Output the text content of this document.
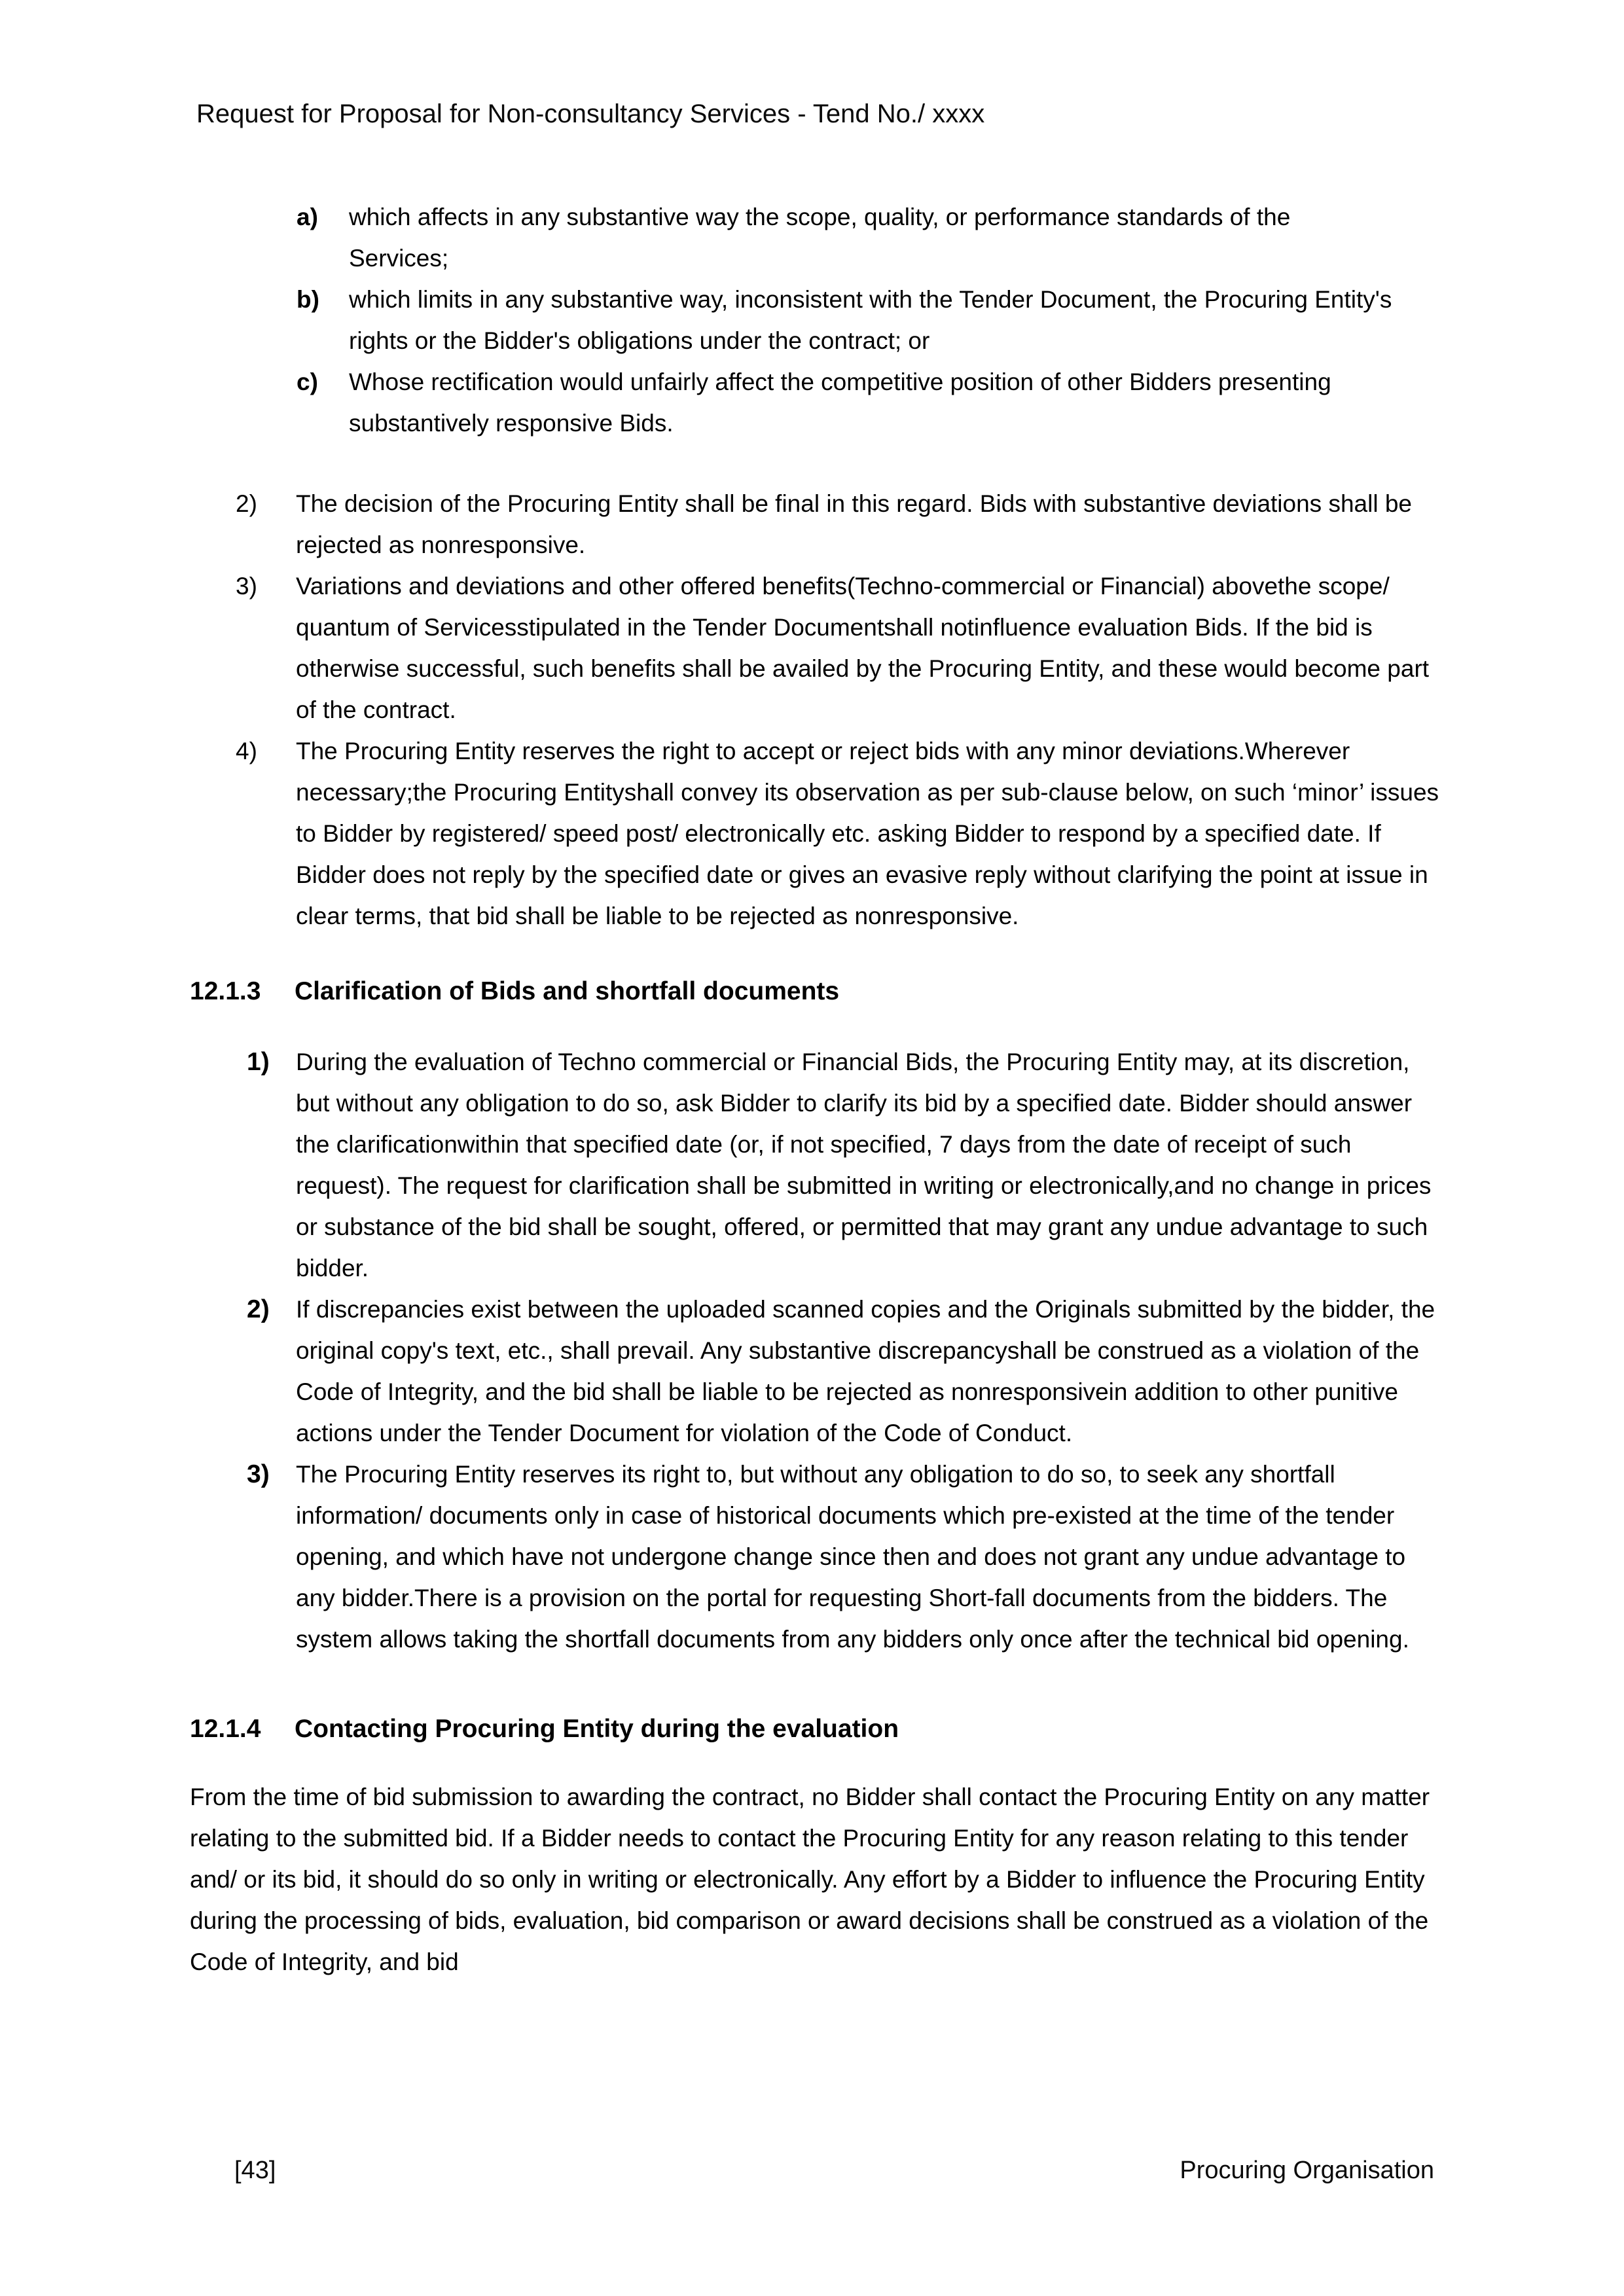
Request for Proposal for Non-consultancy Services - Tend No./ xxxx
a)	which affects in any substantive way the scope, quality, or performance standards of the Services;
b)	which limits in any substantive way, inconsistent with the Tender Document, the Procuring Entity's rights or the Bidder's obligations under the contract; or
c)	Whose rectification would unfairly affect the competitive position of other Bidders presenting substantively responsive Bids.
2)	The decision of the Procuring Entity shall be final in this regard. Bids with substantive deviations shall be rejected as nonresponsive.
3)	Variations and deviations and other offered benefits(Techno-commercial or Financial) abovethe scope/ quantum of Servicesstipulated in the Tender Documentshall notinfluence evaluation Bids. If the bid is otherwise successful, such benefits shall be availed by the Procuring Entity, and these would become part of the contract.
4)	The Procuring Entity reserves the right to accept or reject bids with any minor deviations.Wherever necessary;the Procuring Entityshall convey its observation as per sub-clause below, on such ‘minor’ issues to Bidder by registered/ speed post/ electronically etc. asking Bidder to respond by a specified date. If Bidder does not reply by the specified date or gives an evasive reply without clarifying the point at issue in clear terms, that bid shall be liable to be rejected as nonresponsive.
12.1.3	Clarification of Bids and shortfall documents
1)	During the evaluation of Techno commercial or Financial Bids, the Procuring Entity may, at its discretion, but without any obligation to do so, ask Bidder to clarify its bid by a specified date. Bidder should answer the clarificationwithin that specified date (or, if not specified, 7 days from the date of receipt of such request). The request for clarification shall be submitted in writing or electronically,and no change in prices or substance of the bid shall be sought, offered, or permitted that may grant any undue advantage to such bidder.
2)	If discrepancies exist between the uploaded scanned copies and the Originals submitted by the bidder, the original copy's text, etc., shall prevail. Any substantive discrepancyshall be construed as a violation of the Code of Integrity, and the bid shall be liable to be rejected as nonresponsivein addition to other punitive actions under the Tender Document for violation of the Code of Conduct.
3)	The Procuring Entity reserves its right to, but without any obligation to do so, to seek any shortfall information/ documents only in case of historical documents which pre-existed at the time of the tender opening, and which have not undergone change since then and does not grant any undue advantage to any bidder.There is a provision on the portal for requesting Short-fall documents from the bidders. The system allows taking the shortfall documents from any bidders only once after the technical bid opening.
12.1.4	Contacting Procuring Entity during the evaluation

From the time of bid submission to awarding the contract, no Bidder shall contact the Procuring Entity on any matter relating to the submitted bid. If a Bidder needs to contact the Procuring Entity for any reason relating to this tender and/ or its bid, it should do so only in writing or electronically. Any effort by a Bidder to influence the Procuring Entity during the processing of bids, evaluation, bid comparison or award decisions shall be construed as a violation of the Code of Integrity, and bid

[43]	Procuring Organisation
